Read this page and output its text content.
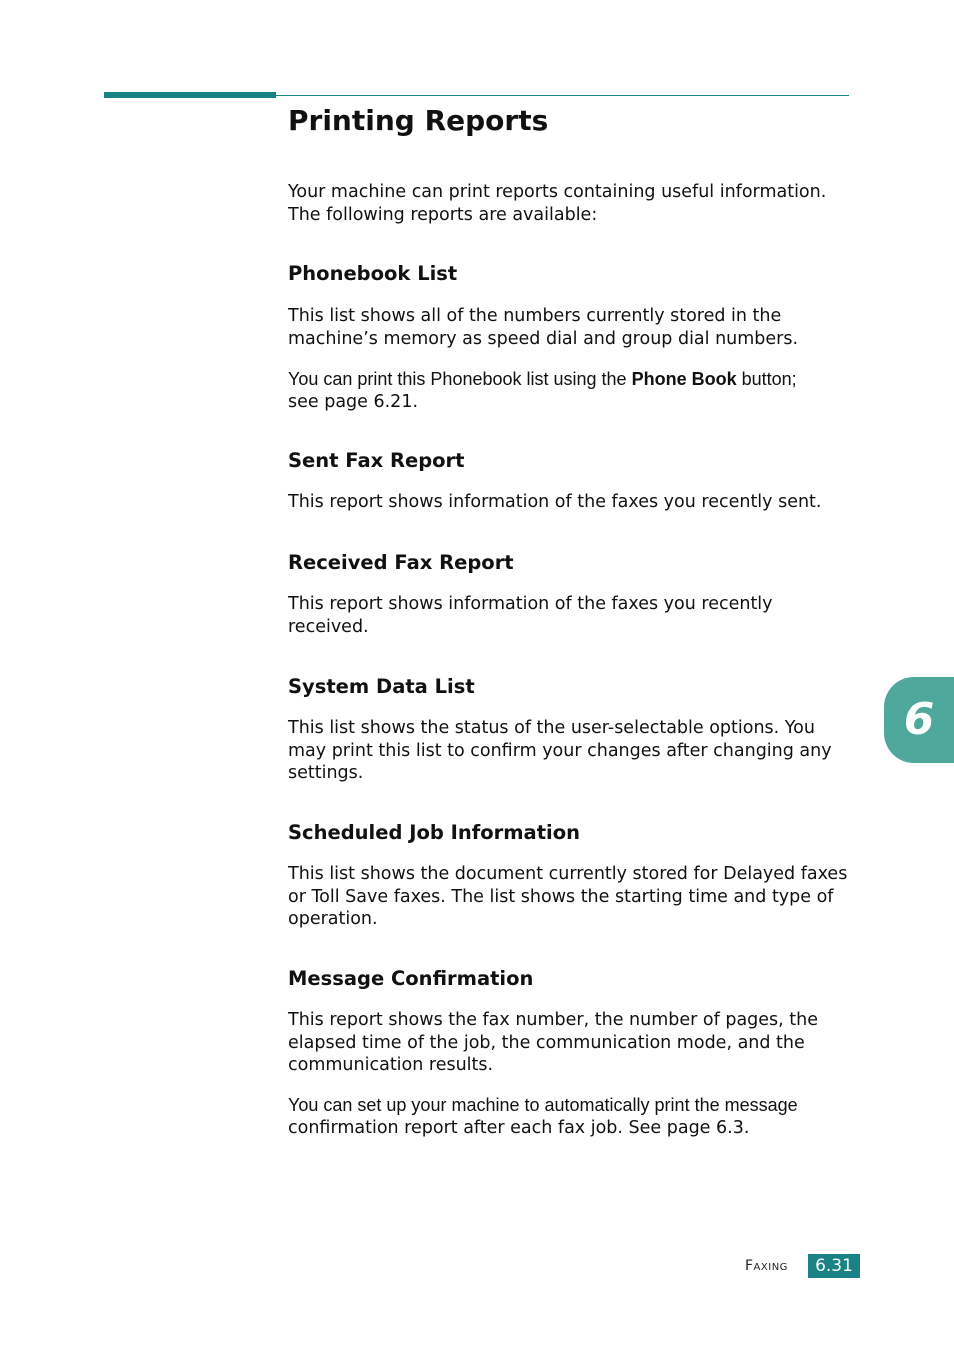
Printing Reports

Your machine can print reports containing useful information.
The following reports are available:

Phonebook List

This list shows all of the numbers currently stored in the
machine’s memory as speed dial and group dial numbers.

You can print this Phonebook list using the Phone Book button;
see page 6.21.

Sent Fax Report

This report shows information of the faxes you recently sent.

Received Fax Report

This report shows information of the faxes you recently
received.

System Data List

This list shows the status of the user-selectable options. You
may print this list to confirm your changes after changing any
settings.

Scheduled Job Information

This list shows the document currently stored for Delayed faxes
or Toll Save faxes. The list shows the starting time and type of
operation.

Message Confirmation

This report shows the fax number, the number of pages, the
elapsed time of the job, the communication mode, and the
communication results.

You can set up your machine to automatically print the message
confirmation report after each fax job. See page 6.3.

6
Faxing	6.31
